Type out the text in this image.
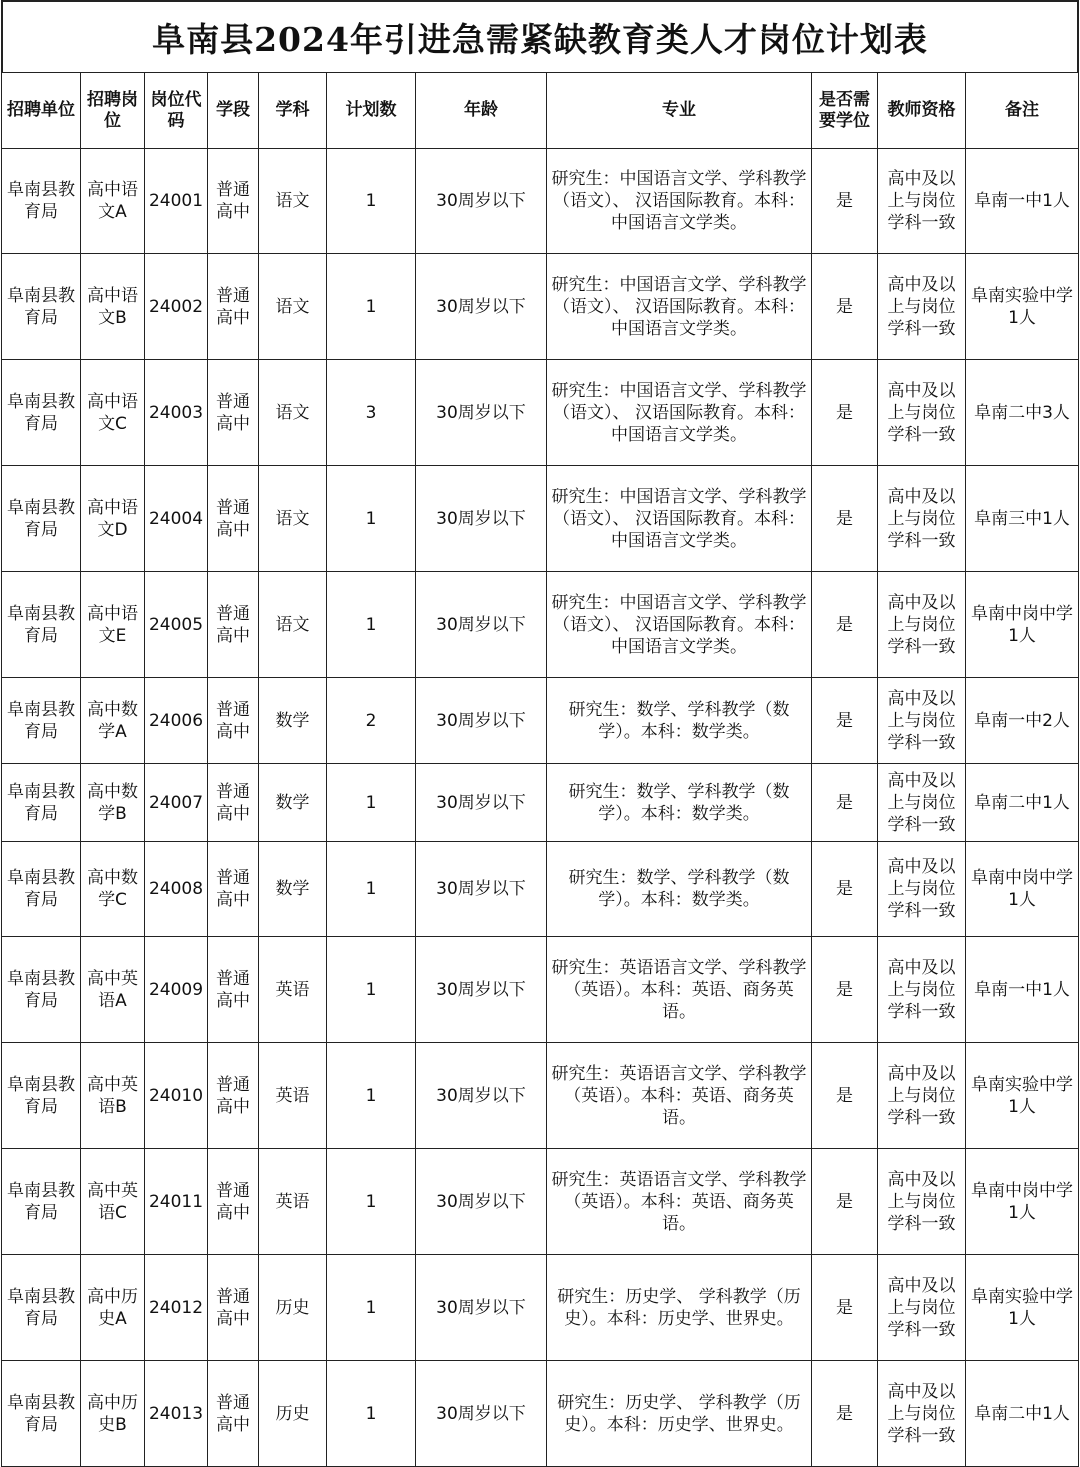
阜南县2024年引进急需紧缺教育类人才岗位计划表
招聘单位	招聘岗位	岗位代码	学段	学科	计划数	年龄	专业	是否需要学位	教师资格	备注
阜南县教育局	高中语文A	24001	普通高中	语文	1	30周岁以下	研究生：中国语言文学、学科教学（语文）、 汉语国际教育。本科：中国语言文学类。	是	高中及以上与岗位学科一致	阜南一中1人
阜南县教育局	高中语文B	24002	普通高中	语文	1	30周岁以下	研究生：中国语言文学、学科教学（语文）、 汉语国际教育。本科：中国语言文学类。	是	高中及以上与岗位学科一致	阜南实验中学1人
阜南县教育局	高中语文C	24003	普通高中	语文	3	30周岁以下	研究生：中国语言文学、学科教学（语文）、 汉语国际教育。本科：中国语言文学类。	是	高中及以上与岗位学科一致	阜南二中3人
阜南县教育局	高中语文D	24004	普通高中	语文	1	30周岁以下	研究生：中国语言文学、学科教学（语文）、 汉语国际教育。本科：中国语言文学类。	是	高中及以上与岗位学科一致	阜南三中1人
阜南县教育局	高中语文E	24005	普通高中	语文	1	30周岁以下	研究生：中国语言文学、学科教学（语文）、 汉语国际教育。本科：中国语言文学类。	是	高中及以上与岗位学科一致	阜南中岗中学1人
阜南县教育局	高中数学A	24006	普通高中	数学	2	30周岁以下	研究生：数学、学科教学（数学）。本科：数学类。	是	高中及以上与岗位学科一致	阜南一中2人
阜南县教育局	高中数学B	24007	普通高中	数学	1	30周岁以下	研究生：数学、学科教学（数学）。本科：数学类。	是	高中及以上与岗位学科一致	阜南二中1人
阜南县教育局	高中数学C	24008	普通高中	数学	1	30周岁以下	研究生：数学、学科教学（数学）。本科：数学类。	是	高中及以上与岗位学科一致	阜南中岗中学1人
阜南县教育局	高中英语A	24009	普通高中	英语	1	30周岁以下	研究生：英语语言文学、学科教学（英语）。本科：英语、商务英语。	是	高中及以上与岗位学科一致	阜南一中1人
阜南县教育局	高中英语B	24010	普通高中	英语	1	30周岁以下	研究生：英语语言文学、学科教学（英语）。本科：英语、商务英语。	是	高中及以上与岗位学科一致	阜南实验中学1人
阜南县教育局	高中英语C	24011	普通高中	英语	1	30周岁以下	研究生：英语语言文学、学科教学（英语）。本科：英语、商务英语。	是	高中及以上与岗位学科一致	阜南中岗中学1人
阜南县教育局	高中历史A	24012	普通高中	历史	1	30周岁以下	研究生：历史学、 学科教学（历史）。本科：历史学、世界史。	是	高中及以上与岗位学科一致	阜南实验中学1人
阜南县教育局	高中历史B	24013	普通高中	历史	1	30周岁以下	研究生：历史学、 学科教学（历史）。本科：历史学、世界史。	是	高中及以上与岗位学科一致	阜南二中1人
